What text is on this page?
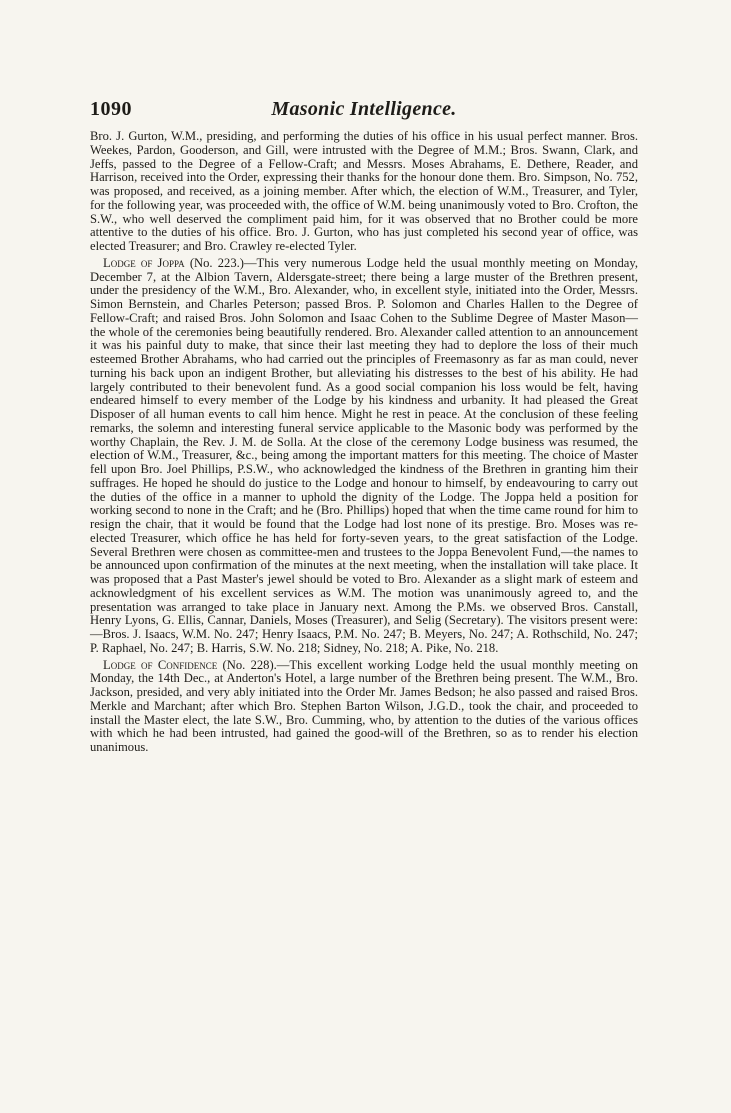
1090	Masonic Intelligence.

Bro. J. Gurton, W.M., presiding, and performing the duties of his office in his usual perfect manner. Bros. Weekes, Pardon, Gooderson, and Gill, were intrusted with the Degree of M.M.; Bros. Swann, Clark, and Jeffs, passed to the Degree of a Fellow-Craft; and Messrs. Moses Abrahams, E. Dethere, Reader, and Harrison, received into the Order, expressing their thanks for the honour done them. Bro. Simpson, No. 752, was proposed, and received, as a joining member. After which, the election of W.M., Treasurer, and Tyler, for the following year, was proceeded with, the office of W.M. being unanimously voted to Bro. Crofton, the S.W., who well deserved the compliment paid him, for it was observed that no Brother could be more attentive to the duties of his office. Bro. J. Gurton, who has just completed his second year of office, was elected Treasurer; and Bro. Crawley re-elected Tyler.

Lodge of Joppa (No. 223.)—This very numerous Lodge held the usual monthly meeting on Monday, December 7, at the Albion Tavern, Aldersgate-street; there being a large muster of the Brethren present, under the presidency of the W.M., Bro. Alexander, who, in excellent style, initiated into the Order, Messrs. Simon Bernstein, and Charles Peterson; passed Bros. P. Solomon and Charles Hallen to the Degree of Fellow-Craft; and raised Bros. John Solomon and Isaac Cohen to the Sublime Degree of Master Mason—the whole of the ceremonies being beautifully rendered. Bro. Alexander called attention to an announcement it was his painful duty to make, that since their last meeting they had to deplore the loss of their much esteemed Brother Abrahams, who had carried out the principles of Freemasonry as far as man could, never turning his back upon an indigent Brother, but alleviating his distresses to the best of his ability. He had largely contributed to their benevolent fund. As a good social companion his loss would be felt, having endeared himself to every member of the Lodge by his kindness and urbanity. It had pleased the Great Disposer of all human events to call him hence. Might he rest in peace. At the conclusion of these feeling remarks, the solemn and interesting funeral service applicable to the Masonic body was performed by the worthy Chaplain, the Rev. J. M. de Solla. At the close of the ceremony Lodge business was resumed, the election of W.M., Treasurer, &c., being among the important matters for this meeting. The choice of Master fell upon Bro. Joel Phillips, P.S.W., who acknowledged the kindness of the Brethren in granting him their suffrages. He hoped he should do justice to the Lodge and honour to himself, by endeavouring to carry out the duties of the office in a manner to uphold the dignity of the Lodge. The Joppa held a position for working second to none in the Craft; and he (Bro. Phillips) hoped that when the time came round for him to resign the chair, that it would be found that the Lodge had lost none of its prestige. Bro. Moses was re-elected Treasurer, which office he has held for forty-seven years, to the great satisfaction of the Lodge. Several Brethren were chosen as committee-men and trustees to the Joppa Benevolent Fund,—the names to be announced upon confirmation of the minutes at the next meeting, when the installation will take place. It was proposed that a Past Master's jewel should be voted to Bro. Alexander as a slight mark of esteem and acknowledgment of his excellent services as W.M. The motion was unanimously agreed to, and the presentation was arranged to take place in January next. Among the P.Ms. we observed Bros. Canstall, Henry Lyons, G. Ellis, Cannar, Daniels, Moses (Treasurer), and Selig (Secretary). The visitors present were:—Bros. J. Isaacs, W.M. No. 247; Henry Isaacs, P.M. No. 247; B. Meyers, No. 247; A. Rothschild, No. 247; P. Raphael, No. 247; B. Harris, S.W. No. 218; Sidney, No. 218; A. Pike, No. 218.

Lodge of Confidence (No. 228).—This excellent working Lodge held the usual monthly meeting on Monday, the 14th Dec., at Anderton's Hotel, a large number of the Brethren being present. The W.M., Bro. Jackson, presided, and very ably initiated into the Order Mr. James Bedson; he also passed and raised Bros. Merkle and Marchant; after which Bro. Stephen Barton Wilson, J.G.D., took the chair, and proceeded to install the Master elect, the late S.W., Bro. Cumming, who, by attention to the duties of the various offices with which he had been intrusted, had gained the good-will of the Brethren, so as to render his election unanimous.
